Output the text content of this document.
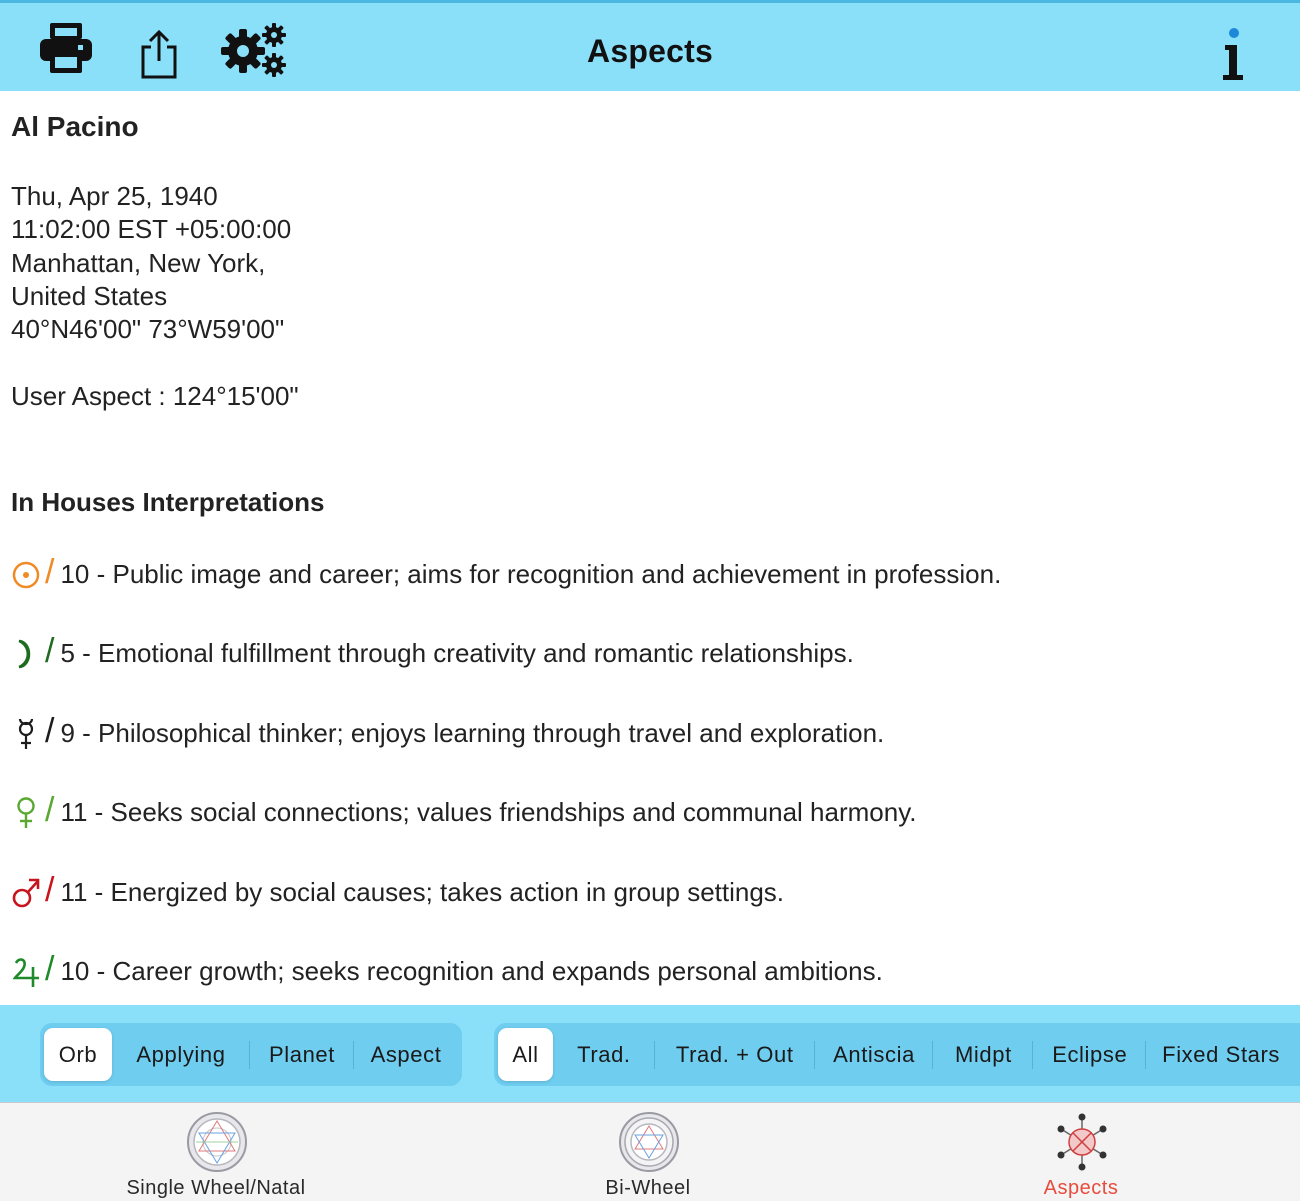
Aspects
Al Pacino
Thu, Apr 25, 1940
11:02:00 EST +05:00:00
Manhattan, New York,
United States
40°N46'00" 73°W59'00"
User Aspect : 124°15'00"
In Houses Interpretations
/ 10 - Public image and career; aims for recognition and achievement in profession.
/ 5 - Emotional fulfillment through creativity and romantic relationships.
/ 9 - Philosophical thinker; enjoys learning through travel and exploration.
/ 11 - Seeks social connections; values friendships and communal harmony.
/ 11 - Energized by social causes; takes action in group settings.
/ 10 - Career growth; seeks recognition and expands personal ambitions.
Orb	Applying	Planet	Aspect	All	Trad.	Trad. + Out	Antiscia	Midpt	Eclipse	Fixed Stars
Single Wheel/Natal	Bi-Wheel	Aspects
